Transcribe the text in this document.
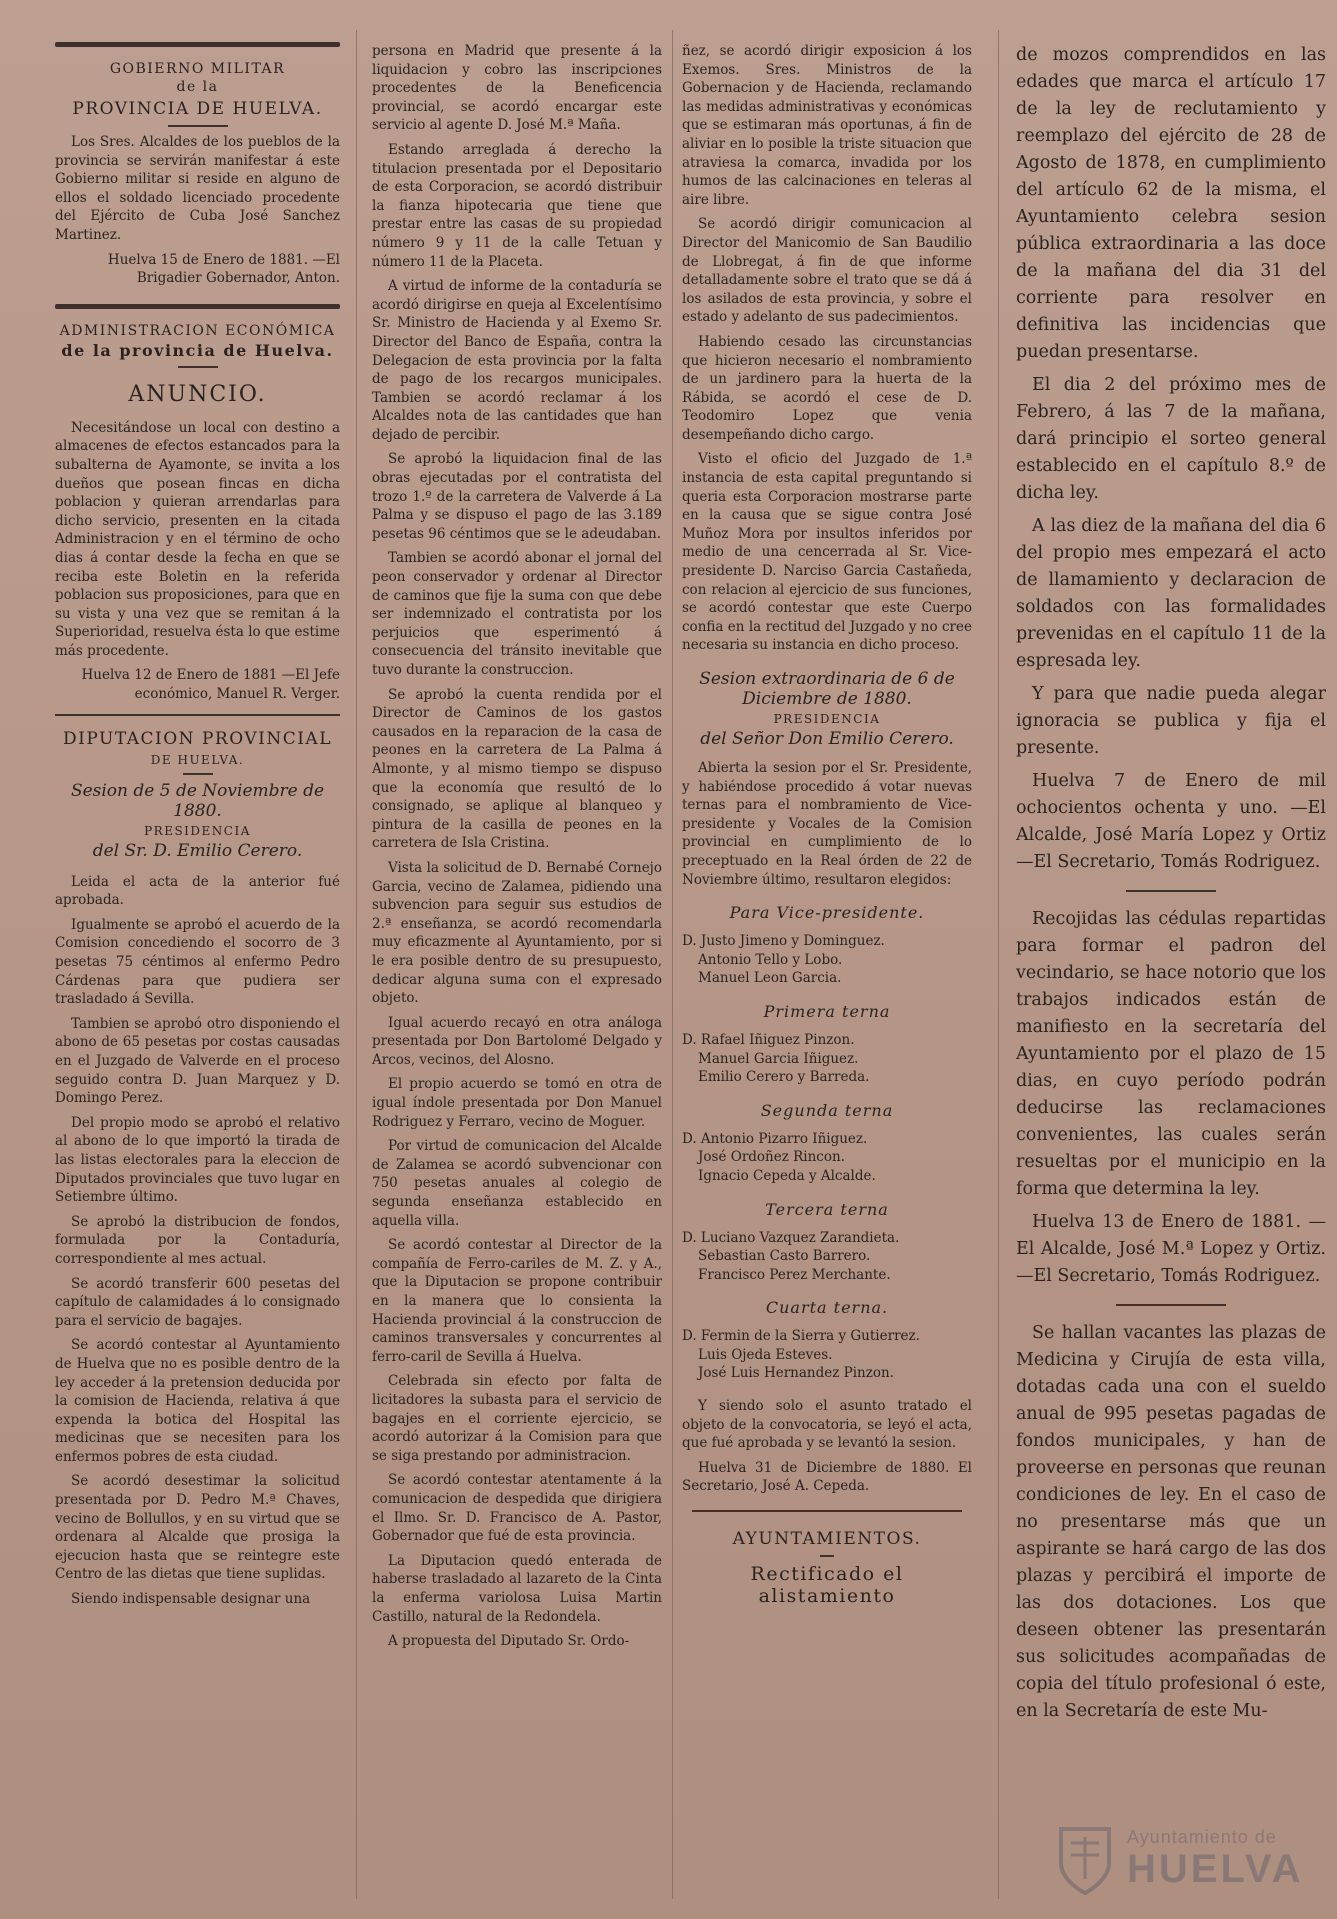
GOBIERNO MILITAR
de la
PROVINCIA DE HUELVA.

Los Sres. Alcaldes de los pueblos de la provincia se servirán manifestar á este Gobierno militar si reside en alguno de ellos el soldado licenciado procedente del Ejército de Cuba José Sanchez Martinez.

Huelva 15 de Enero de 1881. —El Brigadier Gobernador, Anton.

ADMINISTRACION ECONÓMICA
de la provincia de Huelva.
ANUNCIO.

Necesitándose un local con destino a almacenes de efectos estancados para la subalterna de Ayamonte, se invita a los dueños que posean fincas en dicha poblacion y quieran arrendarlas para dicho servicio, presenten en la citada Administracion y en el término de ocho dias á contar desde la fecha en que se reciba este Boletin en la referida poblacion sus proposiciones, para que en su vista y una vez que se remitan á la Superioridad, resuelva ésta lo que estime más procedente.

Huelva 12 de Enero de 1881 —El Jefe económico, Manuel R. Verger.

DIPUTACION PROVINCIAL
DE HUELVA.
Sesion de 5 de Noviembre de 1880.
PRESIDENCIA
del Sr. D. Emilio Cerero.

Leida el acta de la anterior fué aprobada.

Igualmente se aprobó el acuerdo de la Comision concediendo el socorro de 3 pesetas 75 céntimos al enfermo Pedro Cárdenas para que pudiera ser trasladado á Sevilla.

Tambien se aprobó otro disponiendo el abono de 65 pesetas por costas causadas en el Juzgado de Valverde en el proceso seguido contra D. Juan Marquez y D. Domingo Perez.

Del propio modo se aprobó el relativo al abono de lo que importó la tirada de las listas electorales para la eleccion de Diputados provinciales que tuvo lugar en Setiembre último.

Se aprobó la distribucion de fondos, formulada por la Contaduría, correspondiente al mes actual.

Se acordó transferir 600 pesetas del capítulo de calamidades á lo consignado para el servicio de bagajes.

Se acordó contestar al Ayuntamiento de Huelva que no es posible dentro de la ley acceder á la pretension deducida por la comision de Hacienda, relativa á que expenda la botica del Hospital las medicinas que se necesiten para los enfermos pobres de esta ciudad.

Se acordó desestimar la solicitud presentada por D. Pedro M.ª Chaves, vecino de Bollullos, y en su virtud que se ordenara al Alcalde que prosiga la ejecucion hasta que se reintegre este Centro de las dietas que tiene suplidas.

Siendo indispensable designar una

persona en Madrid que presente á la liquidacion y cobro las inscripciones procedentes de la Beneficencia provincial, se acordó encargar este servicio al agente D. José M.ª Maña.

Estando arreglada á derecho la titulacion presentada por el Depositario de esta Corporacion, se acordó distribuir la fianza hipotecaria que tiene que prestar entre las casas de su propiedad número 9 y 11 de la calle Tetuan y número 11 de la Placeta.

A virtud de informe de la contaduría se acordó dirigirse en queja al Excelentísimo Sr. Ministro de Hacienda y al Exemo Sr. Director del Banco de España, contra la Delegacion de esta provincia por la falta de pago de los recargos municipales. Tambien se acordó reclamar á los Alcaldes nota de las cantidades que han dejado de percibir.

Se aprobó la liquidacion final de las obras ejecutadas por el contratista del trozo 1.º de la carretera de Valverde á La Palma y se dispuso el pago de las 3.189 pesetas 96 céntimos que se le adeudaban.

Tambien se acordó abonar el jornal del peon conservador y ordenar al Director de caminos que fije la suma con que debe ser indemnizado el contratista por los perjuicios que esperimentó á consecuencia del tránsito inevitable que tuvo durante la construccion.

Se aprobó la cuenta rendida por el Director de Caminos de los gastos causados en la reparacion de la casa de peones en la carretera de La Palma á Almonte, y al mismo tiempo se dispuso que la economía que resultó de lo consignado, se aplique al blanqueo y pintura de la casilla de peones en la carretera de Isla Cristina.

Vista la solicitud de D. Bernabé Cornejo Garcia, vecino de Zalamea, pidiendo una subvencion para seguir sus estudios de 2.ª enseñanza, se acordó recomendarla muy eficazmente al Ayuntamiento, por si le era posible dentro de su presupuesto, dedicar alguna suma con el expresado objeto.

Igual acuerdo recayó en otra análoga presentada por Don Bartolomé Delgado y Arcos, vecinos, del Alosno.

El propio acuerdo se tomó en otra de igual índole presentada por Don Manuel Rodriguez y Ferraro, vecino de Moguer.

Por virtud de comunicacion del Alcalde de Zalamea se acordó subvencionar con 750 pesetas anuales al colegio de segunda enseñanza establecido en aquella villa.

Se acordó contestar al Director de la compañía de Ferro-cariles de M. Z. y A., que la Diputacion se propone contribuir en la manera que lo consienta la Hacienda provincial á la construccion de caminos transversales y concurrentes al ferro-caril de Sevilla á Huelva.

Celebrada sin efecto por falta de licitadores la subasta para el servicio de bagajes en el corriente ejercicio, se acordó autorizar á la Comision para que se siga prestando por administracion.

Se acordó contestar atentamente á la comunicacion de despedida que dirigiera el Ilmo. Sr. D. Francisco de A. Pastor, Gobernador que fué de esta provincia.

La Diputacion quedó enterada de haberse trasladado al lazareto de la Cinta la enferma variolosa Luisa Martin Castillo, natural de la Redondela.

A propuesta del Diputado Sr. Ordo-

ñez, se acordó dirigir exposicion á los Exemos. Sres. Ministros de la Gobernacion y de Hacienda, reclamando las medidas administrativas y económicas que se estimaran más oportunas, á fin de aliviar en lo posible la triste situacion que atraviesa la comarca, invadida por los humos de las calcinaciones en teleras al aire libre.

Se acordó dirigir comunicacion al Director del Manicomio de San Baudilio de Llobregat, á fin de que informe detalladamente sobre el trato que se dá á los asilados de esta provincia, y sobre el estado y adelanto de sus padecimientos.

Habiendo cesado las circunstancias que hicieron necesario el nombramiento de un jardinero para la huerta de la Rábida, se acordó el cese de D. Teodomiro Lopez que venia desempeñando dicho cargo.

Visto el oficio del Juzgado de 1.ª instancia de esta capital preguntando si queria esta Corporacion mostrarse parte en la causa que se sigue contra José Muñoz Mora por insultos inferidos por medio de una cencerrada al Sr. Vice-presidente D. Narciso Garcia Castañeda, con relacion al ejercicio de sus funciones, se acordó contestar que este Cuerpo confia en la rectitud del Juzgado y no cree necesaria su instancia en dicho proceso.

Sesion extraordinaria de 6 de Diciembre de 1880.
PRESIDENCIA
del Señor Don Emilio Cerero.

Abierta la sesion por el Sr. Presidente, y habiéndose procedido á votar nuevas ternas para el nombramiento de Vice-presidente y Vocales de la Comision provincial en cumplimiento de lo preceptuado en la Real órden de 22 de Noviembre último, resultaron elegidos:

Para Vice-presidente.

D. Justo Jimeno y Dominguez.

Antonio Tello y Lobo.

Manuel Leon Garcia.

Primera terna

D. Rafael Iñiguez Pinzon.

Manuel Garcia Iñiguez.

Emilio Cerero y Barreda.

Segunda terna

D. Antonio Pizarro Iñiguez.

José Ordoñez Rincon.

Ignacio Cepeda y Alcalde.

Tercera terna

D. Luciano Vazquez Zarandieta.

Sebastian Casto Barrero.

Francisco Perez Merchante.

Cuarta terna.

D. Fermin de la Sierra y Gutierrez.

Luis Ojeda Esteves.

José Luis Hernandez Pinzon.

Y siendo solo el asunto tratado el objeto de la convocatoria, se leyó el acta, que fué aprobada y se levantó la sesion.

Huelva 31 de Diciembre de 1880. El Secretario, José A. Cepeda.

AYUNTAMIENTOS.
Rectificado el alistamiento

de mozos comprendidos en las edades que marca el artículo 17 de la ley de reclutamiento y reemplazo del ejército de 28 de Agosto de 1878, en cumplimiento del artículo 62 de la misma, el Ayuntamiento celebra sesion pública extraordinaria a las doce de la mañana del dia 31 del corriente para resolver en definitiva las incidencias que puedan presentarse.

El dia 2 del próximo mes de Febrero, á las 7 de la mañana, dará principio el sorteo general establecido en el capítulo 8.º de dicha ley.

A las diez de la mañana del dia 6 del propio mes empezará el acto de llamamiento y declaracion de soldados con las formalidades prevenidas en el capítulo 11 de la espresada ley.

Y para que nadie pueda alegar ignoracia se publica y fija el presente.

Huelva 7 de Enero de mil ochocientos ochenta y uno. —El Alcalde, José María Lopez y Ortiz —El Secretario, Tomás Rodriguez.

Recojidas las cédulas repartidas para formar el padron del vecindario, se hace notorio que los trabajos indicados están de manifiesto en la secretaría del Ayuntamiento por el plazo de 15 dias, en cuyo período podrán deducirse las reclamaciones convenientes, las cuales serán resueltas por el municipio en la forma que determina la ley.

Huelva 13 de Enero de 1881. —El Alcalde, José M.ª Lopez y Ortiz. —El Secretario, Tomás Rodriguez.

Se hallan vacantes las plazas de Medicina y Cirujía de esta villa, dotadas cada una con el sueldo anual de 995 pesetas pagadas de fondos municipales, y han de proveerse en personas que reunan condiciones de ley. En el caso de no presentarse más que un aspirante se hará cargo de las dos plazas y percibirá el importe de las dos dotaciones. Los que deseen obtener las presentarán sus solicitudes acompañadas de copia del título profesional ó este, en la Secretaría de este Mu-

Ayuntamiento de
HUELVA
